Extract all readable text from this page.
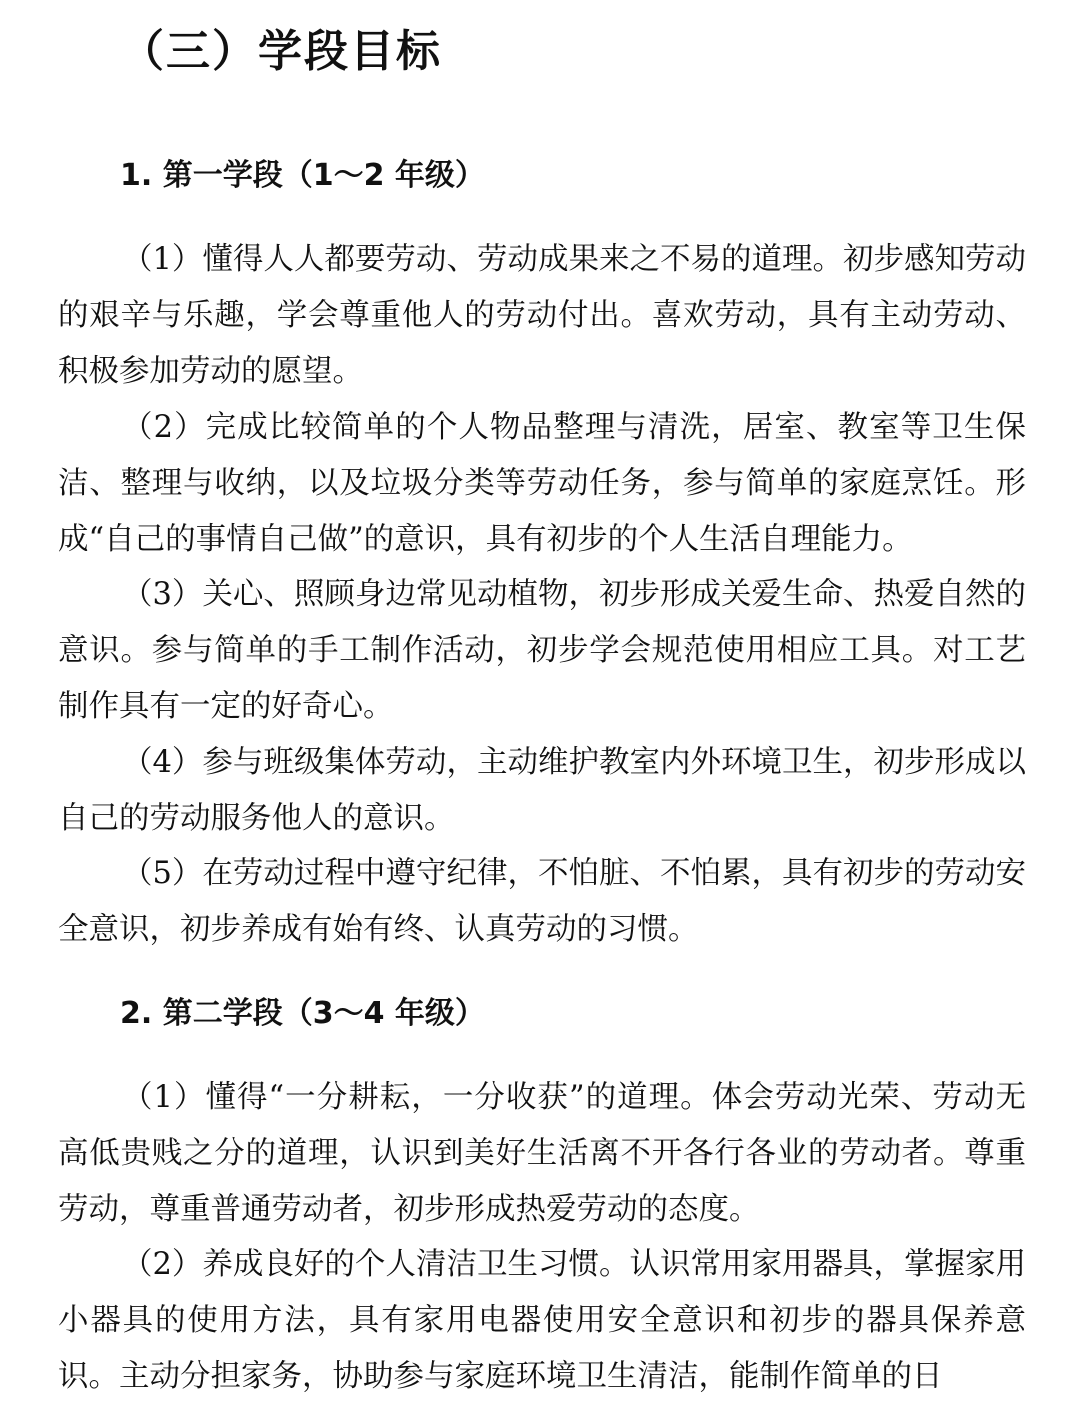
（三）学段目标
1. 第一学段（1～2 年级）

（1）懂得人人都要劳动、劳动成果来之不易的道理。初步感知劳动的艰辛与乐趣，学会尊重他人的劳动付出。喜欢劳动，具有主动劳动、积极参加劳动的愿望。

（2）完成比较简单的个人物品整理与清洗，居室、教室等卫生保洁、整理与收纳，以及垃圾分类等劳动任务，参与简单的家庭烹饪。形成“自己的事情自己做”的意识，具有初步的个人生活自理能力。

（3）关心、照顾身边常见动植物，初步形成关爱生命、热爱自然的意识。参与简单的手工制作活动，初步学会规范使用相应工具。对工艺制作具有一定的好奇心。

（4）参与班级集体劳动，主动维护教室内外环境卫生，初步形成以自己的劳动服务他人的意识。

（5）在劳动过程中遵守纪律，不怕脏、不怕累，具有初步的劳动安全意识，初步养成有始有终、认真劳动的习惯。

2. 第二学段（3～4 年级）

（1）懂得“一分耕耘，一分收获”的道理。体会劳动光荣、劳动无高低贵贱之分的道理，认识到美好生活离不开各行各业的劳动者。尊重劳动，尊重普通劳动者，初步形成热爱劳动的态度。

（2）养成良好的个人清洁卫生习惯。认识常用家用器具，掌握家用小器具的使用方法，具有家用电器使用安全意识和初步的器具保养意识。主动分担家务，协助参与家庭环境卫生清洁，能制作简单的日
